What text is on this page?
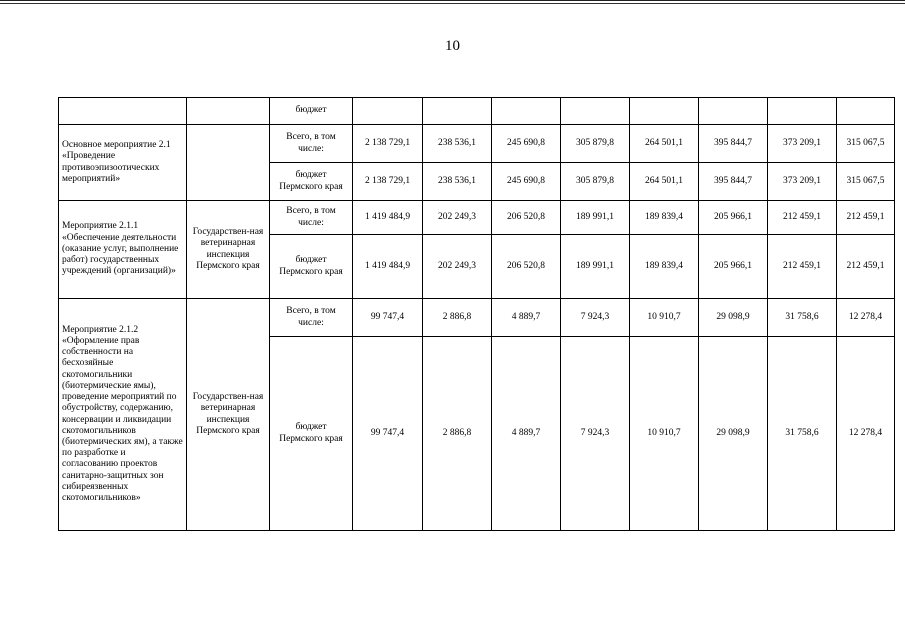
10
		бюджет								
Основное мероприятие 2.1 «Проведение противоэпизоотических мероприятий»		Всего, в том числе:	2 138 729,1	238 536,1	245 690,8	305 879,8	264 501,1	395 844,7	373 209,1	315 067,5
		бюджет Пермского края	2 138 729,1	238 536,1	245 690,8	305 879,8	264 501,1	395 844,7	373 209,1	315 067,5
Мероприятие 2.1.1 «Обеспечение деятельности (оказание услуг, выполнение работ) государственных учреждений (организаций)»	Государствен-ная ветеринарная инспекция Пермского края	Всего, в том числе:	1 419 484,9	202 249,3	206 520,8	189 991,1	189 839,4	205 966,1	212 459,1	212 459,1
		бюджет Пермского края	1 419 484,9	202 249,3	206 520,8	189 991,1	189 839,4	205 966,1	212 459,1	212 459,1
Мероприятие 2.1.2 «Оформление прав собственности на бесхозяйные скотомогильники (биотермические ямы), проведение мероприятий по обустройству, содержанию, консервации и ликвидации скотомогильников (биотермических ям), а также по разработке и согласованию проектов санитарно-защитных зон сибиреязвенных скотомогильников»	Государствен-ная ветеринарная инспекция Пермского края	Всего, в том числе:	99 747,4	2 886,8	4 889,7	7 924,3	10 910,7	29 098,9	31 758,6	12 278,4
		бюджет Пермского края	99 747,4	2 886,8	4 889,7	7 924,3	10 910,7	29 098,9	31 758,6	12 278,4
